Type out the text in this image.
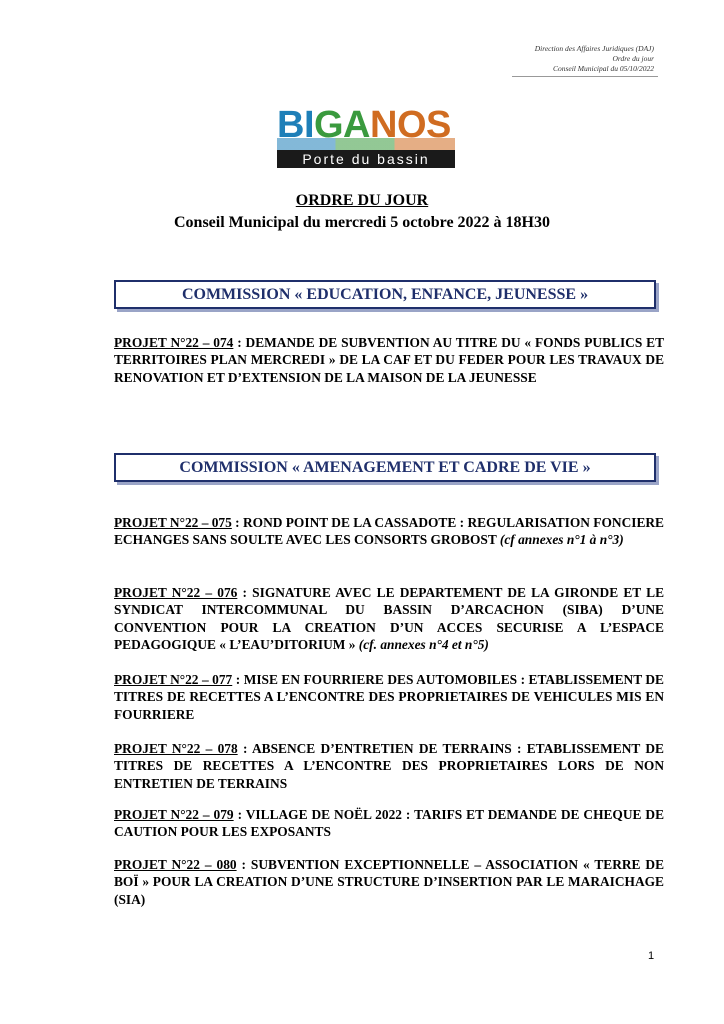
Direction des Affaires Juridiques (DAJ)
Ordre du jour
Conseil Municipal du 05/10/2022
BIGANOS
Porte du bassin
ORDRE DU JOUR
Conseil Municipal du mercredi 5 octobre 2022 à 18H30
COMMISSION « EDUCATION, ENFANCE, JEUNESSE »
PROJET N°22 – 074 : DEMANDE DE SUBVENTION AU TITRE DU « FONDS PUBLICS ET TERRITOIRES PLAN MERCREDI » DE LA CAF ET DU FEDER POUR LES TRAVAUX DE RENOVATION ET D’EXTENSION DE LA MAISON DE LA JEUNESSE
COMMISSION « AMENAGEMENT ET CADRE DE VIE »
PROJET N°22 – 075 : ROND POINT DE LA CASSADOTE : REGULARISATION FONCIERE ECHANGES SANS SOULTE AVEC LES CONSORTS GROBOST (cf annexes n°1 à n°3)
PROJET N°22 – 076 : SIGNATURE AVEC LE DEPARTEMENT DE LA GIRONDE ET LE SYNDICAT INTERCOMMUNAL DU BASSIN D’ARCACHON (SIBA) D’UNE CONVENTION POUR LA CREATION D’UN ACCES SECURISE A L’ESPACE PEDAGOGIQUE « L’EAU’DITORIUM » (cf. annexes n°4 et n°5)
PROJET N°22 – 077 : MISE EN FOURRIERE DES AUTOMOBILES : ETABLISSEMENT DE TITRES DE RECETTES A L’ENCONTRE DES PROPRIETAIRES DE VEHICULES MIS EN FOURRIERE
PROJET N°22 – 078 : ABSENCE D’ENTRETIEN DE TERRAINS : ETABLISSEMENT DE TITRES DE RECETTES A L’ENCONTRE DES PROPRIETAIRES LORS DE NON ENTRETIEN DE TERRAINS
PROJET N°22 – 079 : VILLAGE DE NOËL 2022 : TARIFS ET DEMANDE DE CHEQUE DE CAUTION POUR LES EXPOSANTS
PROJET N°22 – 080 : SUBVENTION EXCEPTIONNELLE – ASSOCIATION « TERRE DE BOÏ » POUR LA CREATION D’UNE STRUCTURE D’INSERTION PAR LE MARAICHAGE (SIA)
1
